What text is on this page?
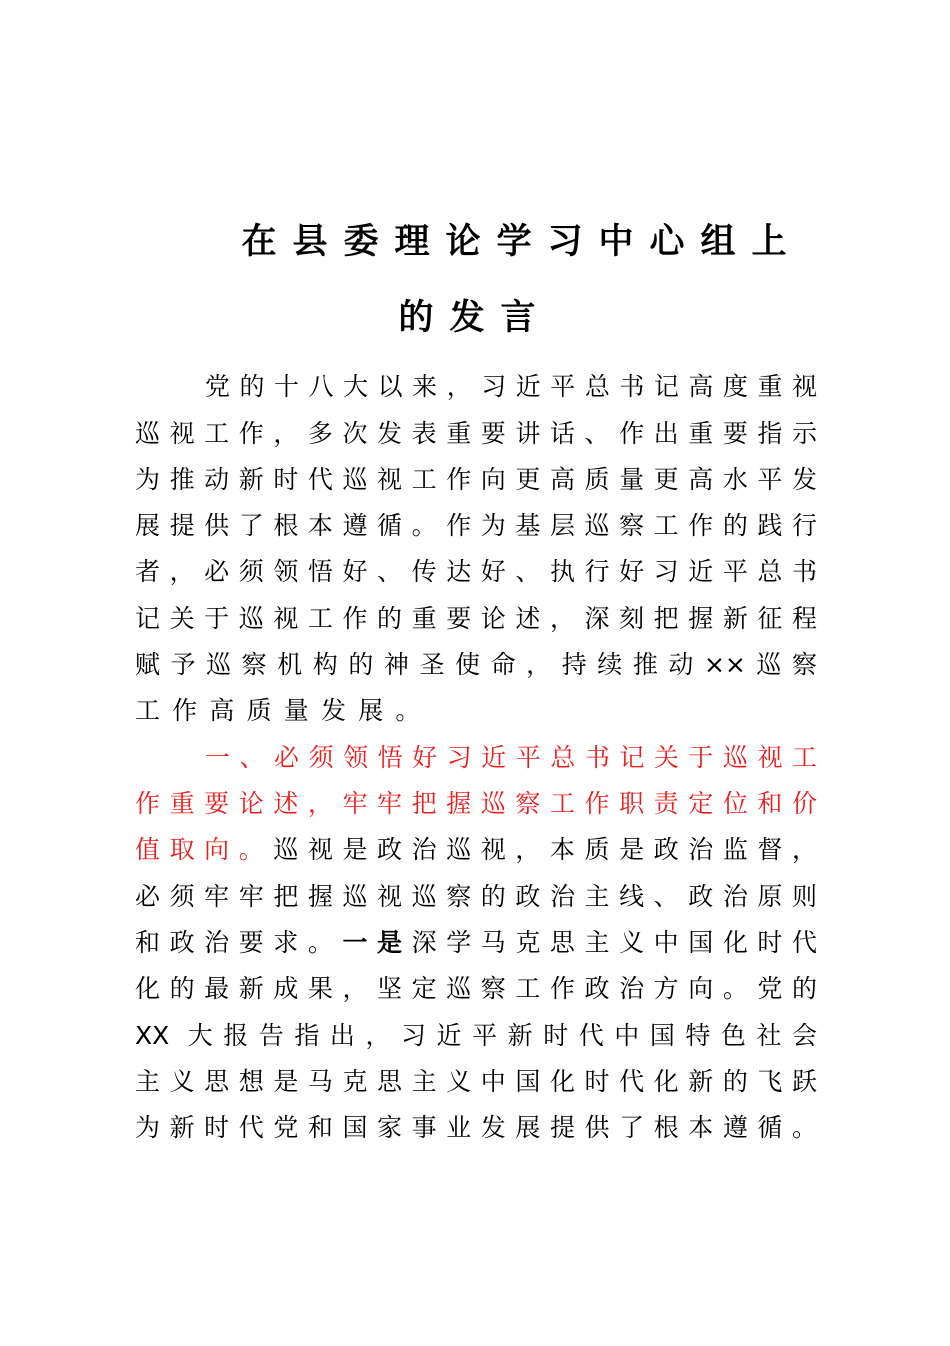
在县委理论学习中心组上
的发言
党的十八大以来，习近平总书记高度重视
巡视工作，多次发表重要讲话、作出重要指示
为推动新时代巡视工作向更高质量更高水平发
展提供了根本遵循。作为基层巡察工作的践行
者，必须领悟好、传达好、执行好习近平总书
记关于巡视工作的重要论述，深刻把握新征程
赋予巡察机构的神圣使命，持续推动××巡察
工作高质量发展。
一、必须领悟好习近平总书记关于巡视工
作重要论述，牢牢把握巡察工作职责定位和价
值取向。巡视是政治巡视，本质是政治监督，
必须牢牢把握巡视巡察的政治主线、政治原则
和政治要求。一是深学马克思主义中国化时代
化的最新成果，坚定巡察工作政治方向。党的
XX 大报告指出，习近平新时代中国特色社会
主义思想是马克思主义中国化时代化新的飞跃
为新时代党和国家事业发展提供了根本遵循。
